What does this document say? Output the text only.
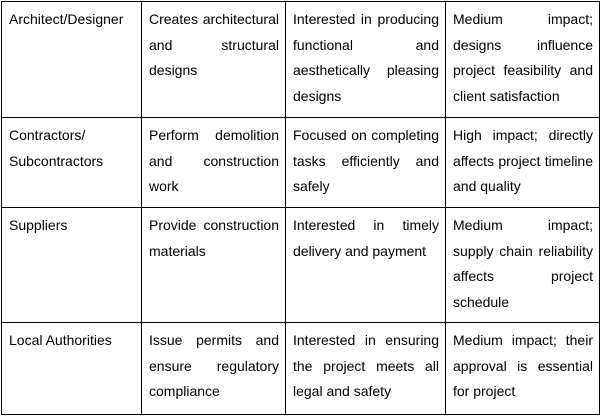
Architect/Designer	Creates architectural and structural designs	Interested in producing functional and aesthetically pleasing designs	Medium impact; designs influence project feasibility and client satisfaction
Contractors/ Subcontractors	Perform demolition and construction work	Focused on completing tasks efficiently and safely	High impact; directly affects project timeline and quality
Suppliers	Provide construction materials	Interested in timely delivery and payment	Medium impact; supply chain reliability affects project schedule
Local Authorities	Issue permits and ensure regulatory compliance	Interested in ensuring the project meets all legal and safety	Medium impact; their approval is essential for project
